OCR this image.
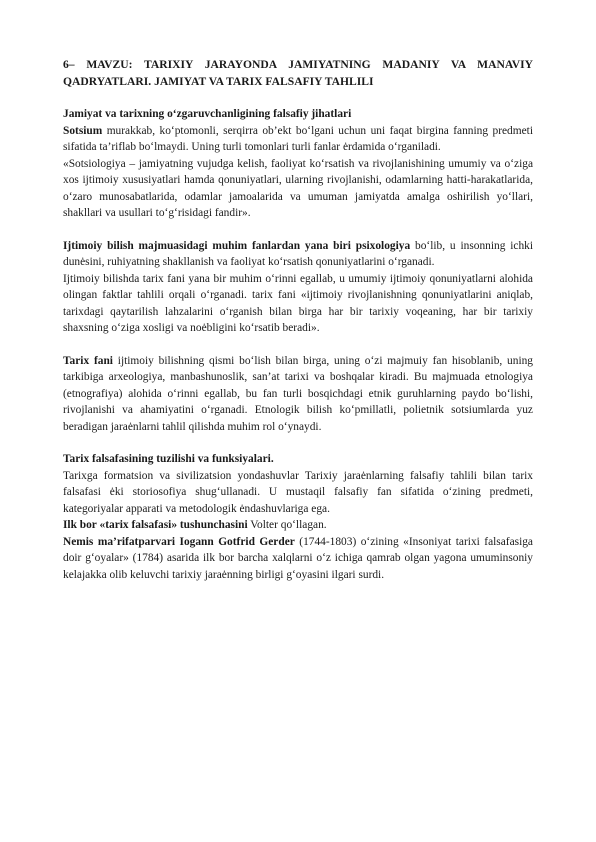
6– MAVZU: TARIXIY JARAYONDA JAMIYATNING MADANIY VA MANAVIY QADRYATLARI. JAMIYAT VA TARIX FALSAFIY TAHLILI
Jamiyat va tarixning o‘zgaruvchanligining falsafiy jihatlari

Sotsium murakkab, ko‘ptomonli, serqirra ob’ekt bo‘lgani uchun uni faqat birgina fanning predmeti sifatida ta’riflab bo‘lmaydi. Uning turli tomonlari turli fanlar ėrdamida o‘rganiladi.

«Sotsiologiya – jamiyatning vujudga kelish, faoliyat ko‘rsatish va rivojlanishining umumiy va o‘ziga xos ijtimoiy xususiyatlari hamda qonuniyatlari, ularning rivojlanishi, odamlarning hatti-harakatlarida, o‘zaro munosabatlarida, odamlar jamoalarida va umuman jamiyatda amalga oshirilish yo‘llari, shakllari va usullari to‘g‘risidagi fandir».

Ijtimoiy bilish majmuasidagi muhim fanlardan yana biri psixologiya bo‘lib, u insonning ichki dunėsini, ruhiyatning shakllanish va faoliyat ko‘rsatish qonuniyatlarini o‘rganadi.

Ijtimoiy bilishda tarix fani yana bir muhim o‘rinni egallab, u umumiy ijtimoiy qonuniyatlarni alohida olingan faktlar tahlili orqali o‘rganadi. tarix fani «ijtimoiy rivojlanishning qonuniyatlarini aniqlab, tarixdagi qaytarilish lahzalarini o‘rganish bilan birga har bir tarixiy voqeaning, har bir tarixiy shaxsning o‘ziga xosligi va noėbligini ko‘rsatib beradi».

Tarix fani ijtimoiy bilishning qismi bo‘lish bilan birga, uning o‘zi majmuiy fan hisoblanib, uning tarkibiga arxeologiya, manbashunoslik, san’at tarixi va boshqalar kiradi. Bu majmuada etnologiya (etnografiya) alohida o‘rinni egallab, bu fan turli bosqichdagi etnik guruhlarning paydo bo‘lishi, rivojlanishi va ahamiyatini o‘rganadi. Etnologik bilish ko‘pmillatli, polietnik sotsiumlarda yuz beradigan jaraėnlarni tahlil qilishda muhim rol o‘ynaydi.

Tarix falsafasining tuzilishi va funksiyalari.

Tarixga formatsion va sivilizatsion yondashuvlar Tarixiy jaraėnlarning falsafiy tahlili bilan tarix falsafasi ėki storiosofiya shug‘ullanadi. U mustaqil falsafiy fan sifatida o‘zining predmeti, kategoriyalar apparati va metodologik ėndashuvlariga ega.

Ilk bor «tarix falsafasi» tushunchasini Volter qo‘llagan.

Nemis ma’rifatparvari Iogann Gotfrid Gerder (1744-1803) o‘zining «Insoniyat tarixi falsafasiga doir g‘oyalar» (1784) asarida ilk bor barcha xalqlarni o‘z ichiga qamrab olgan yagona umuminsoniy kelajakka olib keluvchi tarixiy jaraėnning birligi g‘oyasini ilgari surdi.
